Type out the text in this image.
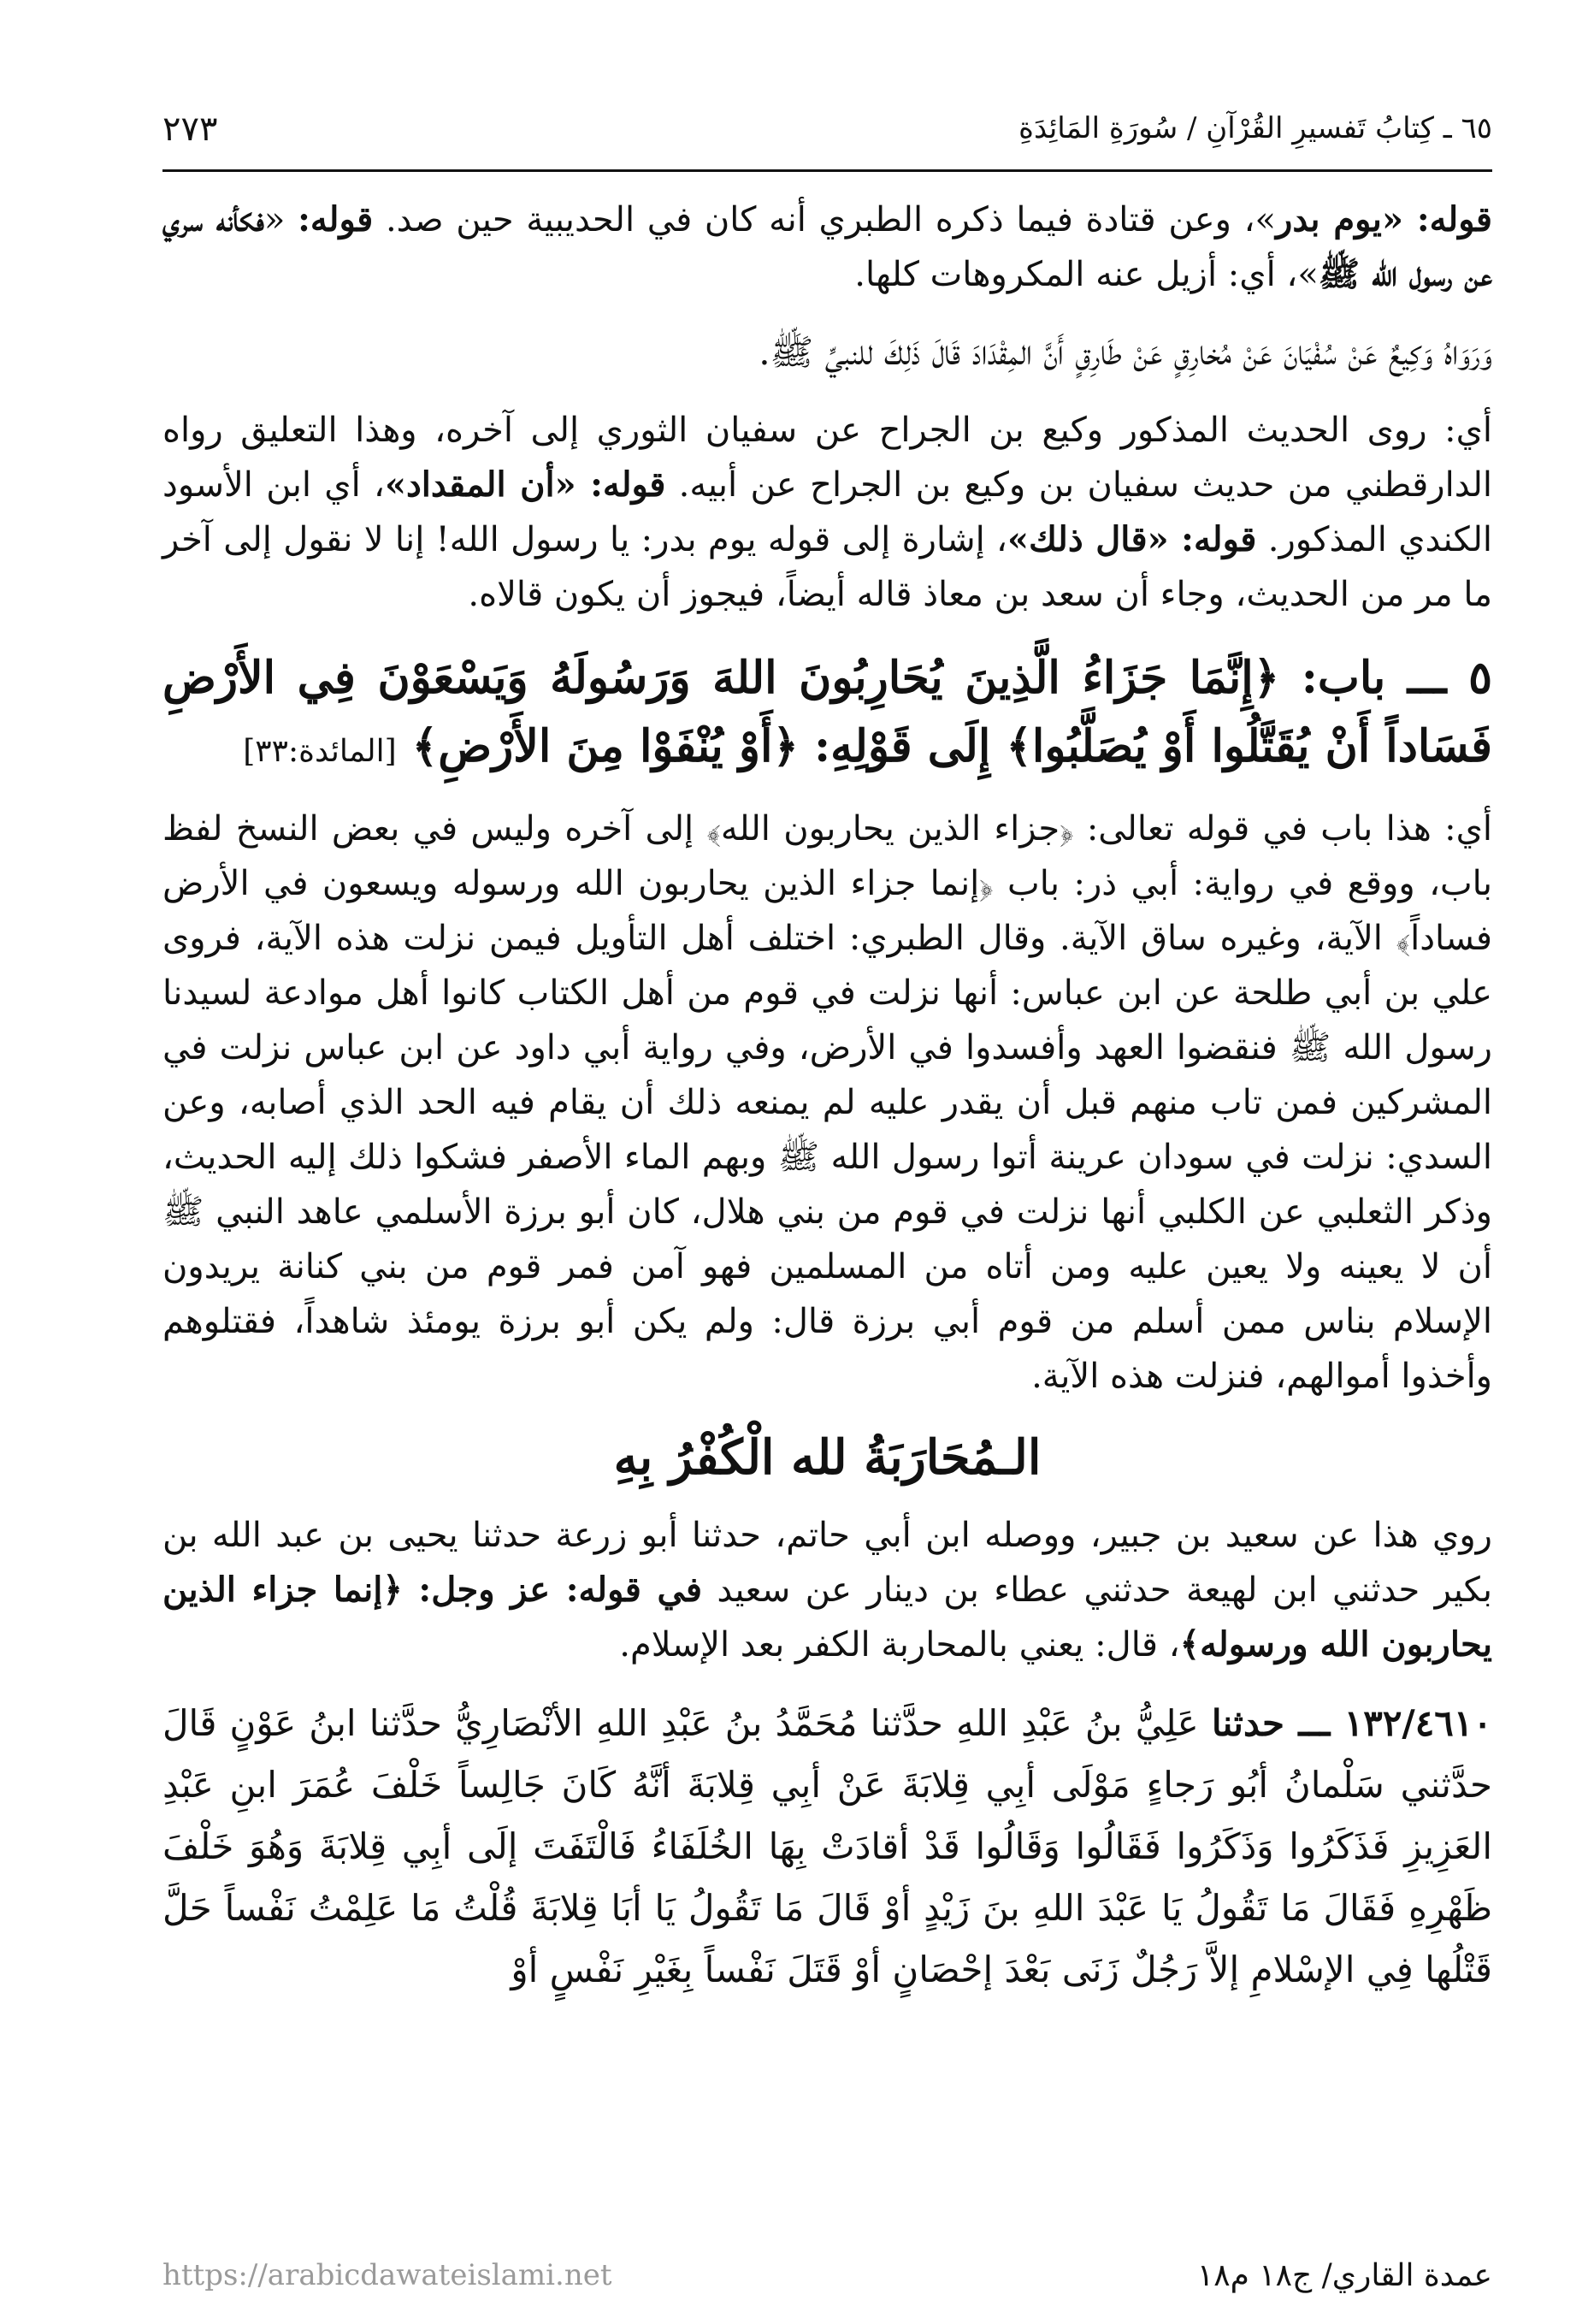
٦٥ ـ كِتابُ تَفسيرِ القُرْآنِ / سُورَةِ المَائِدَةِ
٢٧٣

قوله: «يوم بدر»، وعن قتادة فيما ذكره الطبري أنه كان في الحديبية حين صد. قوله: «فكأنه سري عن رسول الله ﷺ»، أي: أزيل عنه المكروهات كلها.

وَرَوَاهُ وَكِيعٌ عَنْ سُفْيَانَ عَنْ مُخارِقٍ عَنْ طَارِقٍ أَنَّ المِقْدَادَ قَالَ ذَلِكَ للنبيِّ ﷺ.

أي: روى الحديث المذكور وكيع بن الجراح عن سفيان الثوري إلى آخره، وهذا التعليق رواه الدارقطني من حديث سفيان بن وكيع بن الجراح عن أبيه. قوله: «أن المقداد»، أي ابن الأسود الكندي المذكور. قوله: «قال ذلك»، إشارة إلى قوله يوم بدر: يا رسول الله! إنا لا نقول إلى آخر ما مر من الحديث، وجاء أن سعد بن معاذ قاله أيضاً، فيجوز أن يكون قالاه.

٥ ـــ باب: ﴿إِنَّمَا جَزَاءُ الَّذِينَ يُحَارِبُونَ اللهَ وَرَسُولَهُ وَيَسْعَوْنَ فِي الأَرْضِ فَسَاداً أَنْ يُقَتَّلُوا أَوْ يُصَلَّبُوا﴾ إِلَى قَوْلِهِ: ﴿أَوْ يُنْفَوْا مِنَ الأَرْضِ﴾ [المائدة:٣٣]

أي: هذا باب في قوله تعالى: ﴿جزاء الذين يحاربون الله﴾ إلى آخره وليس في بعض النسخ لفظ باب، ووقع في رواية: أبي ذر: باب ﴿إنما جزاء الذين يحاربون الله ورسوله ويسعون في الأرض فساداً﴾ الآية، وغيره ساق الآية. وقال الطبري: اختلف أهل التأويل فيمن نزلت هذه الآية، فروى علي بن أبي طلحة عن ابن عباس: أنها نزلت في قوم من أهل الكتاب كانوا أهل موادعة لسيدنا رسول الله ﷺ فنقضوا العهد وأفسدوا في الأرض، وفي رواية أبي داود عن ابن عباس نزلت في المشركين فمن تاب منهم قبل أن يقدر عليه لم يمنعه ذلك أن يقام فيه الحد الذي أصابه، وعن السدي: نزلت في سودان عرينة أتوا رسول الله ﷺ وبهم الماء الأصفر فشكوا ذلك إليه الحديث، وذكر الثعلبي عن الكلبي أنها نزلت في قوم من بني هلال، كان أبو برزة الأسلمي عاهد النبي ﷺ أن لا يعينه ولا يعين عليه ومن أتاه من المسلمين فهو آمن فمر قوم من بني كنانة يريدون الإسلام بناس ممن أسلم من قوم أبي برزة قال: ولم يكن أبو برزة يومئذ شاهداً، فقتلوهم وأخذوا أموالهم، فنزلت هذه الآية.

الـمُحَارَبَةُ لله الْكُفْرُ بِهِ

روي هذا عن سعيد بن جبير، ووصله ابن أبي حاتم، حدثنا أبو زرعة حدثنا يحيى بن عبد الله بن بكير حدثني ابن لهيعة حدثني عطاء بن دينار عن سعيد في قوله: عز وجل: ﴿إنما جزاء الذين يحاربون الله ورسوله﴾، قال: يعني بالمحاربة الكفر بعد الإسلام.

١٣٢/٤٦١٠ ـــ حدثنا عَلِيُّ بنُ عَبْدِ اللهِ حدَّثنا مُحَمَّدُ بنُ عَبْدِ اللهِ الأنْصَارِيُّ حدَّثنا ابنُ عَوْنٍ قَالَ حدَّثني سَلْمانُ أبُو رَجاءٍ مَوْلَى أبِي قِلابَةَ عَنْ أبِي قِلابَةَ أنَّهُ كَانَ جَالِساً خَلْفَ عُمَرَ ابنِ عَبْدِ العَزِيزِ فَذَكَرُوا وَذَكَرُوا فَقَالُوا وَقَالُوا قَدْ أقادَتْ بِهَا الخُلَفَاءُ فَالْتَفَتَ إلَى أبِي قِلابَةَ وَهُوَ خَلْفَ ظَهْرِهِ فَقَالَ مَا تَقُولُ يَا عَبْدَ اللهِ بنَ زَيْدٍ أوْ قَالَ مَا تَقُولُ يَا أبَا قِلابَةَ قُلْتُ مَا عَلِمْتُ نَفْساً حَلَّ قَتْلُها فِي الإسْلامِ إلاَّ رَجُلٌ زَنَى بَعْدَ إحْصَانٍ أوْ قَتَلَ نَفْساً بِغَيْرِ نَفْسٍ أوْ

عمدة القاري/ ج١٨ م١٨
https://arabicdawateislami.net
